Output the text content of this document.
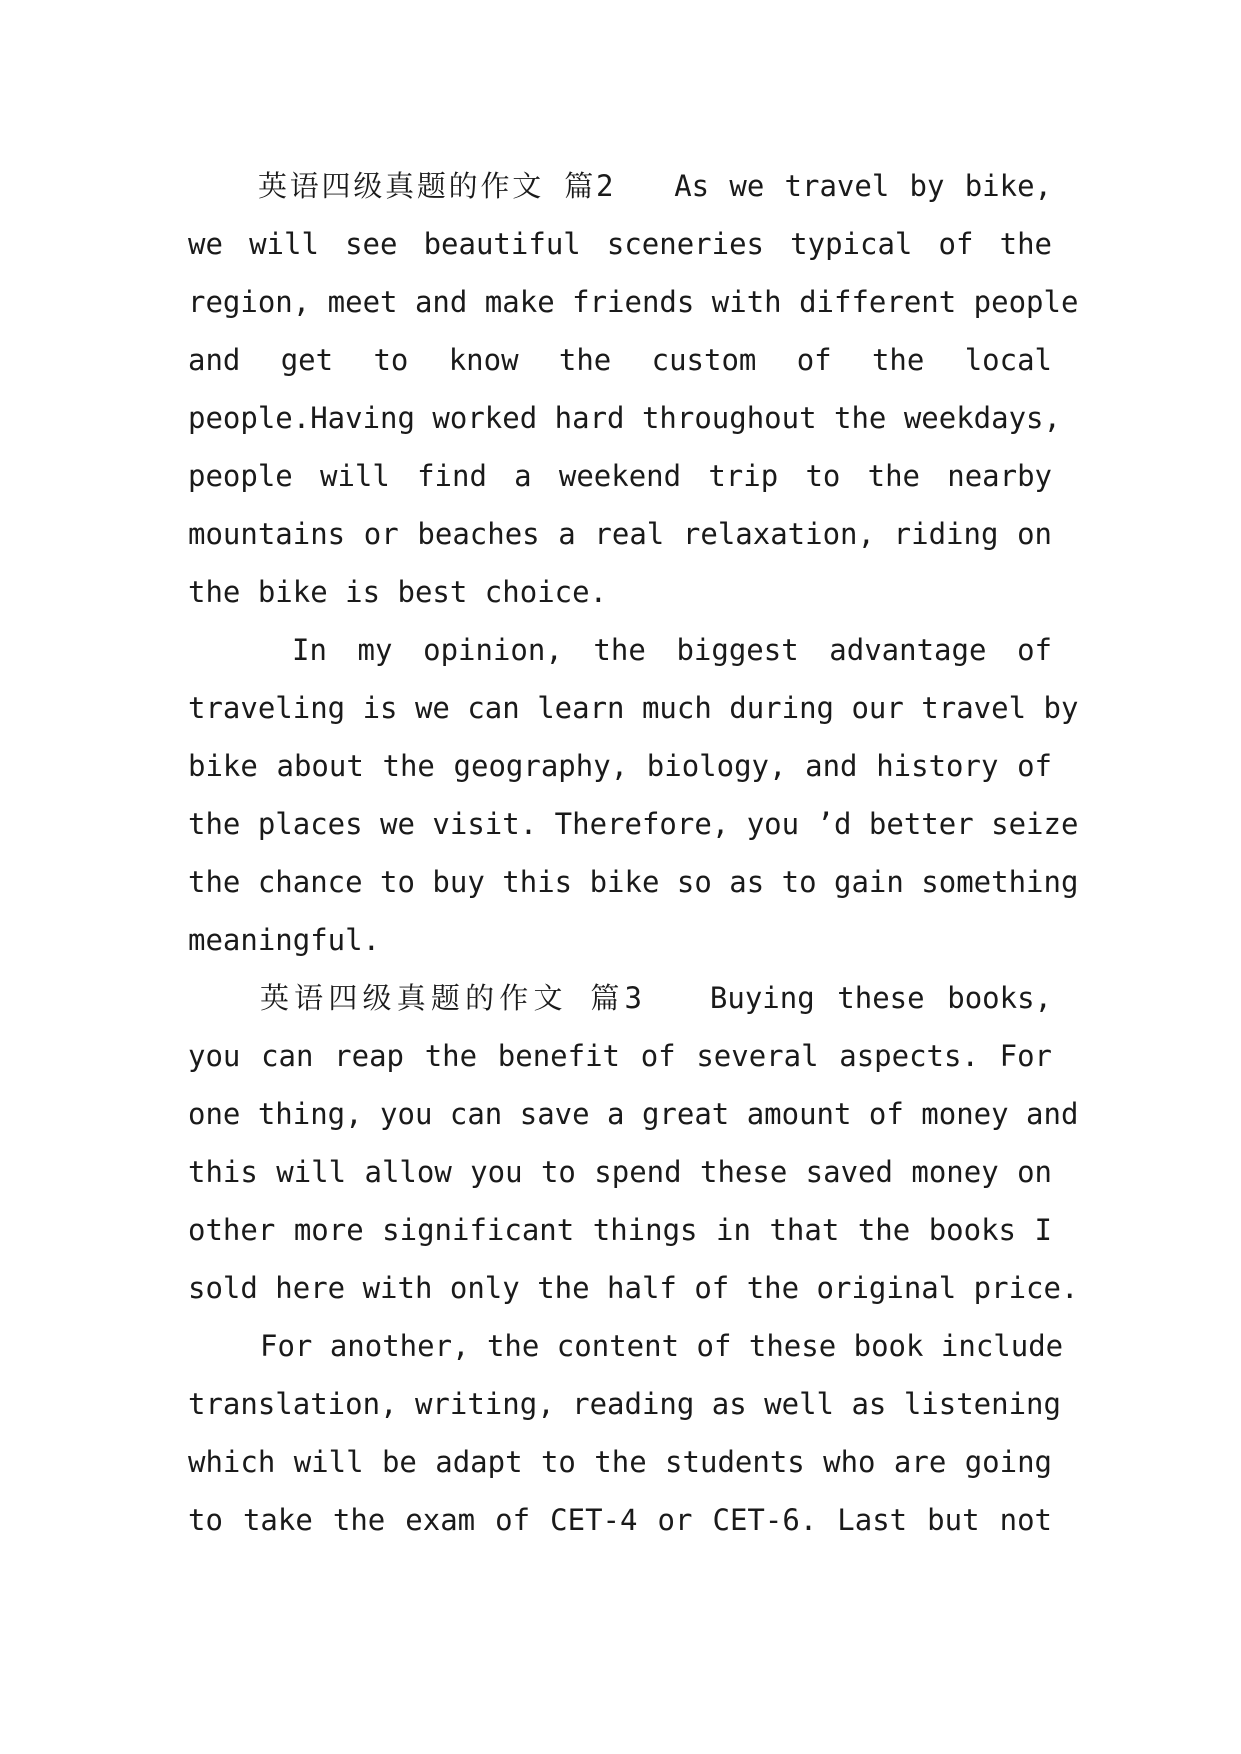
英语四级真题的作文 篇2   As we travel by bike,
we will see beautiful sceneries typical of the
region, meet and make friends with different people
and get to know the custom of the local
people.Having worked hard throughout the weekdays,
people will find a weekend trip to the nearby
mountains or beaches a real relaxation, riding on
the bike is best choice.
In my opinion, the biggest advantage of
traveling is we can learn much during our travel by
bike about the geography, biology, and history of
the places we visit. Therefore, you ’d better seize
the chance to buy this bike so as to gain something
meaningful.
英语四级真题的作文 篇3   Buying these books,
you can reap the benefit of several aspects. For
one thing, you can save a great amount of money and
this will allow you to spend these saved money on
other more significant things in that the books I
sold here with only the half of the original price.
For another, the content of these book include
translation, writing, reading as well as listening
which will be adapt to the students who are going
to take the exam of CET-4 or CET-6. Last but not
